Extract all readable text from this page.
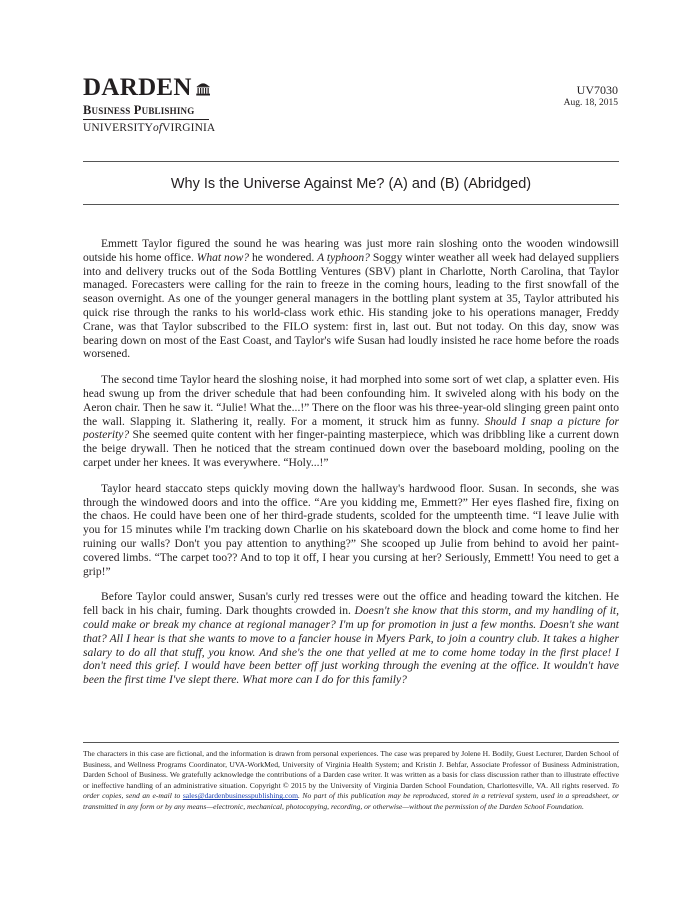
DARDEN
Business Publishing
UNIVERSITYofVIRGINIA
UV7030
Aug. 18, 2015
Why Is the Universe Against Me? (A) and (B) (Abridged)

Emmett Taylor figured the sound he was hearing was just more rain sloshing onto the wooden windowsill outside his home office. What now? he wondered. A typhoon? Soggy winter weather all week had delayed suppliers into and delivery trucks out of the Soda Bottling Ventures (SBV) plant in Charlotte, North Carolina, that Taylor managed. Forecasters were calling for the rain to freeze in the coming hours, leading to the first snowfall of the season overnight. As one of the younger general managers in the bottling plant system at 35, Taylor attributed his quick rise through the ranks to his world-class work ethic. His standing joke to his operations manager, Freddy Crane, was that Taylor subscribed to the FILO system: first in, last out. But not today. On this day, snow was bearing down on most of the East Coast, and Taylor's wife Susan had loudly insisted he race home before the roads worsened.

The second time Taylor heard the sloshing noise, it had morphed into some sort of wet clap, a splatter even. His head swung up from the driver schedule that had been confounding him. It swiveled along with his body on the Aeron chair. Then he saw it. “Julie! What the...!” There on the floor was his three-year-old slinging green paint onto the wall. Slapping it. Slathering it, really. For a moment, it struck him as funny. Should I snap a picture for posterity? She seemed quite content with her finger-painting masterpiece, which was dribbling like a current down the beige drywall. Then he noticed that the stream continued down over the baseboard molding, pooling on the carpet under her knees. It was everywhere. “Holy...!”

Taylor heard staccato steps quickly moving down the hallway's hardwood floor. Susan. In seconds, she was through the windowed doors and into the office. “Are you kidding me, Emmett?” Her eyes flashed fire, fixing on the chaos. He could have been one of her third-grade students, scolded for the umpteenth time. “I leave Julie with you for 15 minutes while I'm tracking down Charlie on his skateboard down the block and come home to find her ruining our walls? Don't you pay attention to anything?” She scooped up Julie from behind to avoid her paint-covered limbs. “The carpet too?? And to top it off, I hear you cursing at her? Seriously, Emmett! You need to get a grip!”

Before Taylor could answer, Susan's curly red tresses were out the office and heading toward the kitchen. He fell back in his chair, fuming. Dark thoughts crowded in. Doesn't she know that this storm, and my handling of it, could make or break my chance at regional manager? I'm up for promotion in just a few months. Doesn't she want that? All I hear is that she wants to move to a fancier house in Myers Park, to join a country club. It takes a higher salary to do all that stuff, you know. And she's the one that yelled at me to come home today in the first place! I don't need this grief. I would have been better off just working through the evening at the office. It wouldn't have been the first time I've slept there. What more can I do for this family?

The characters in this case are fictional, and the information is drawn from personal experiences. The case was prepared by Jolene H. Bodily, Guest Lecturer, Darden School of Business, and Wellness Programs Coordinator, UVA-WorkMed, University of Virginia Health System; and Kristin J. Behfar, Associate Professor of Business Administration, Darden School of Business. We gratefully acknowledge the contributions of a Darden case writer. It was written as a basis for class discussion rather than to illustrate effective or ineffective handling of an administrative situation. Copyright © 2015 by the University of Virginia Darden School Foundation, Charlottesville, VA. All rights reserved. To order copies, send an e-mail to sales@dardenbusinesspublishing.com. No part of this publication may be reproduced, stored in a retrieval system, used in a spreadsheet, or transmitted in any form or by any means—electronic, mechanical, photocopying, recording, or otherwise—without the permission of the Darden School Foundation.
